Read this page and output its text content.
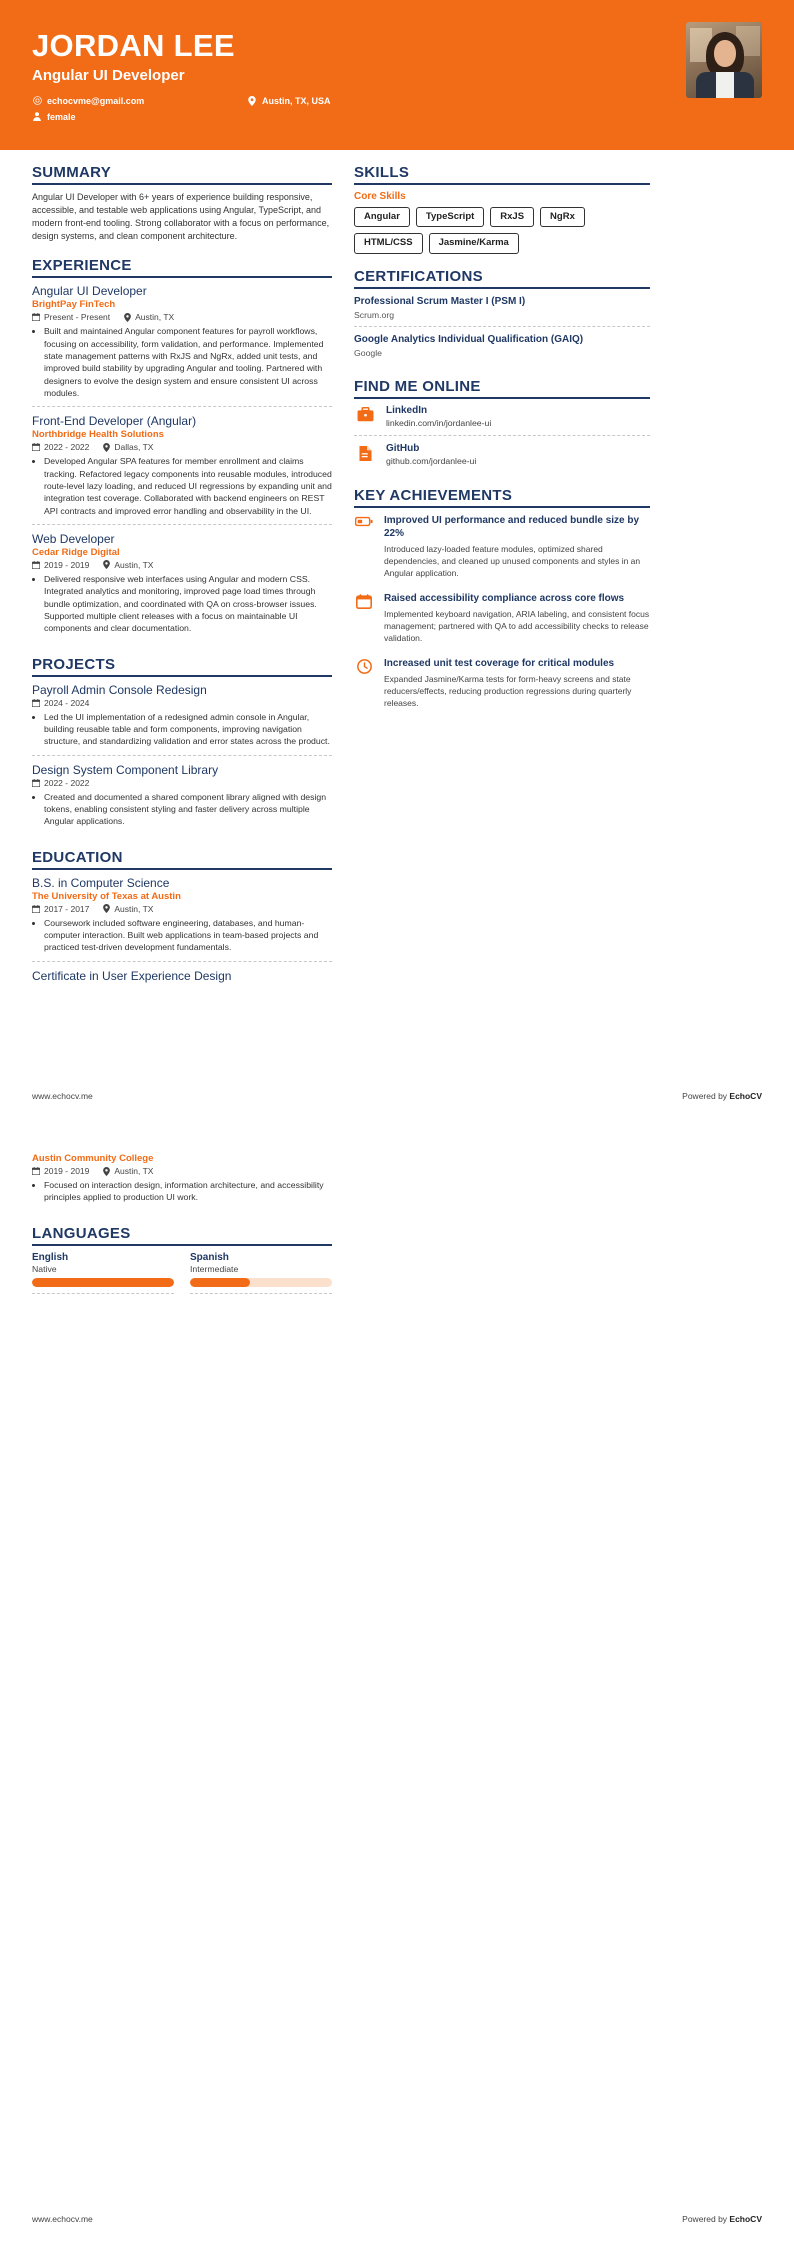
JORDAN LEE
Angular UI Developer
echocvme@gmail.com	Austin, TX, USA
female
SUMMARY

Angular UI Developer with 6+ years of experience building responsive, accessible, and testable web applications using Angular, TypeScript, and modern front-end tooling. Strong collaborator with a focus on performance, design systems, and clean component architecture.

EXPERIENCE
Angular UI Developer
BrightPay FinTech
Present - Present	Austin, TX
• Built and maintained Angular component features for payroll workflows, focusing on accessibility, form validation, and performance. Implemented state management patterns with RxJS and NgRx, added unit tests, and improved build stability by upgrading Angular and tooling. Partnered with designers to evolve the design system and ensure consistent UI across modules.
Front-End Developer (Angular)
Northbridge Health Solutions
2022 - 2022	Dallas, TX
• Developed Angular SPA features for member enrollment and claims tracking. Refactored legacy components into reusable modules, introduced route-level lazy loading, and reduced UI regressions by expanding unit and integration test coverage. Collaborated with backend engineers on REST API contracts and improved error handling and observability in the UI.
Web Developer
Cedar Ridge Digital
2019 - 2019	Austin, TX
• Delivered responsive web interfaces using Angular and modern CSS. Integrated analytics and monitoring, improved page load times through bundle optimization, and coordinated with QA on cross-browser issues. Supported multiple client releases with a focus on maintainable UI components and clear documentation.
PROJECTS
Payroll Admin Console Redesign
2024 - 2024
• Led the UI implementation of a redesigned admin console in Angular, building reusable table and form components, improving navigation structure, and standardizing validation and error states across the product.
Design System Component Library
2022 - 2022
• Created and documented a shared component library aligned with design tokens, enabling consistent styling and faster delivery across multiple Angular applications.
EDUCATION
B.S. in Computer Science
The University of Texas at Austin
2017 - 2017	Austin, TX
• Coursework included software engineering, databases, and human-computer interaction. Built web applications in team-based projects and practiced test-driven development fundamentals.
Certificate in User Experience Design
SKILLS
Core Skills
Angular	TypeScript	RxJS	NgRx
HTML/CSS	Jasmine/Karma
CERTIFICATIONS
Professional Scrum Master I (PSM I)
Scrum.org
Google Analytics Individual Qualification (GAIQ)
Google
FIND ME ONLINE
LinkedIn
linkedin.com/in/jordanlee-ui
GitHub
github.com/jordanlee-ui
KEY ACHIEVEMENTS
Improved UI performance and reduced bundle size by 22%
Introduced lazy-loaded feature modules, optimized shared dependencies, and cleaned up unused components and styles in an Angular application.
Raised accessibility compliance across core flows
Implemented keyboard navigation, ARIA labeling, and consistent focus management; partnered with QA to add accessibility checks to release validation.
Increased unit test coverage for critical modules
Expanded Jasmine/Karma tests for form-heavy screens and state reducers/effects, reducing production regressions during quarterly releases.
www.echocv.me	Powered by EchoCV
Austin Community College
2019 - 2019	Austin, TX
• Focused on interaction design, information architecture, and accessibility principles applied to production UI work.
LANGUAGES
English
Native
Spanish
Intermediate
www.echocv.me	Powered by EchoCV
